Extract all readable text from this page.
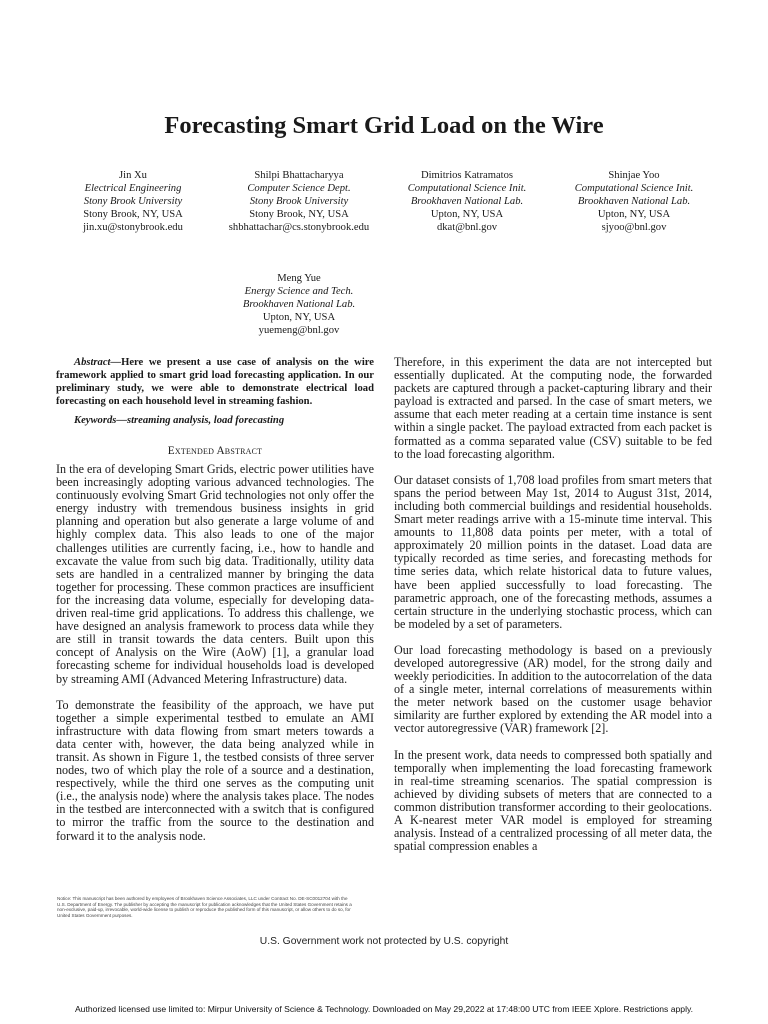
Forecasting Smart Grid Load on the Wire
Jin Xu
Electrical Engineering
Stony Brook University
Stony Brook, NY, USA
jin.xu@stonybrook.edu
Shilpi Bhattacharyya
Computer Science Dept.
Stony Brook University
Stony Brook, NY, USA
shbhattachar@cs.stonybrook.edu
Dimitrios Katramatos
Computational Science Init.
Brookhaven National Lab.
Upton, NY, USA
dkat@bnl.gov
Shinjae Yoo
Computational Science Init.
Brookhaven National Lab.
Upton, NY, USA
sjyoo@bnl.gov
Meng Yue
Energy Science and Tech.
Brookhaven National Lab.
Upton, NY, USA
yuemeng@bnl.gov

Abstract—Here we present a use case of analysis on the wire framework applied to smart grid load forecasting application. In our preliminary study, we were able to demonstrate electrical load forecasting on each household level in streaming fashion.

Keywords—streaming analysis, load forecasting

Extended Abstract

In the era of developing Smart Grids, electric power utilities have been increasingly adopting various advanced technologies. The continuously evolving Smart Grid technologies not only offer the energy industry with tremendous business insights in grid planning and operation but also generate a large volume of and highly complex data. This also leads to one of the major challenges utilities are currently facing, i.e., how to handle and excavate the value from such big data. Traditionally, utility data sets are handled in a centralized manner by bringing the data together for processing. These common practices are insufficient for the increasing data volume, especially for developing data-driven real-time grid applications. To address this challenge, we have designed an analysis framework to process data while they are still in transit towards the data centers. Built upon this concept of Analysis on the Wire (AoW) [1], a granular load forecasting scheme for individual households load is developed by streaming AMI (Advanced Metering Infrastructure) data.

To demonstrate the feasibility of the approach, we have put together a simple experimental testbed to emulate an AMI infrastructure with data flowing from smart meters towards a data center with, however, the data being analyzed while in transit. As shown in Figure 1, the testbed consists of three server nodes, two of which play the role of a source and a destination, respectively, while the third one serves as the computing unit (i.e., the analysis node) where the analysis takes place. The nodes in the testbed are interconnected with a switch that is configured to mirror the traffic from the source to the destination and forward it to the analysis node.

Therefore, in this experiment the data are not intercepted but essentially duplicated. At the computing node, the forwarded packets are captured through a packet-capturing library and their payload is extracted and parsed. In the case of smart meters, we assume that each meter reading at a certain time instance is sent within a single packet. The payload extracted from each packet is formatted as a comma separated value (CSV) suitable to be fed to the load forecasting algorithm.

Our dataset consists of 1,708 load profiles from smart meters that spans the period between May 1st, 2014 to August 31st, 2014, including both commercial buildings and residential households. Smart meter readings arrive with a 15-minute time interval. This amounts to 11,808 data points per meter, with a total of approximately 20 million points in the dataset. Load data are typically recorded as time series, and forecasting methods for time series data, which relate historical data to future values, have been applied successfully to load forecasting. The parametric approach, one of the forecasting methods, assumes a certain structure in the underlying stochastic process, which can be modeled by a set of parameters.

Our load forecasting methodology is based on a previously developed autoregressive (AR) model, for the strong daily and weekly periodicities. In addition to the autocorrelation of the data of a single meter, internal correlations of measurements within the meter network based on the customer usage behavior similarity are further explored by extending the AR model into a vector autoregressive (VAR) framework [2].

In the present work, data needs to compressed both spatially and temporally when implementing the load forecasting framework in real-time streaming scenarios. The spatial compression is achieved by dividing subsets of meters that are connected to a common distribution transformer according to their geolocations. A K-nearest meter VAR model is employed for streaming analysis. Instead of a centralized processing of all meter data, the spatial compression enables a

Notice: This manuscript has been authored by employees of Brookhaven Science Associates, LLC under Contract No. DE-SC0012704 with the U.S. Department of Energy. The publisher by accepting the manuscript for publication acknowledges that the United States Government retains a non-exclusive, paid-up, irrevocable, world-wide license to publish or reproduce the published form of this manuscript, or allow others to do so, for United States Government purposes.
U.S. Government work not protected by U.S. copyright
Authorized licensed use limited to: Mirpur University of Science & Technology. Downloaded on May 29,2022 at 17:48:00 UTC from IEEE Xplore. Restrictions apply.
